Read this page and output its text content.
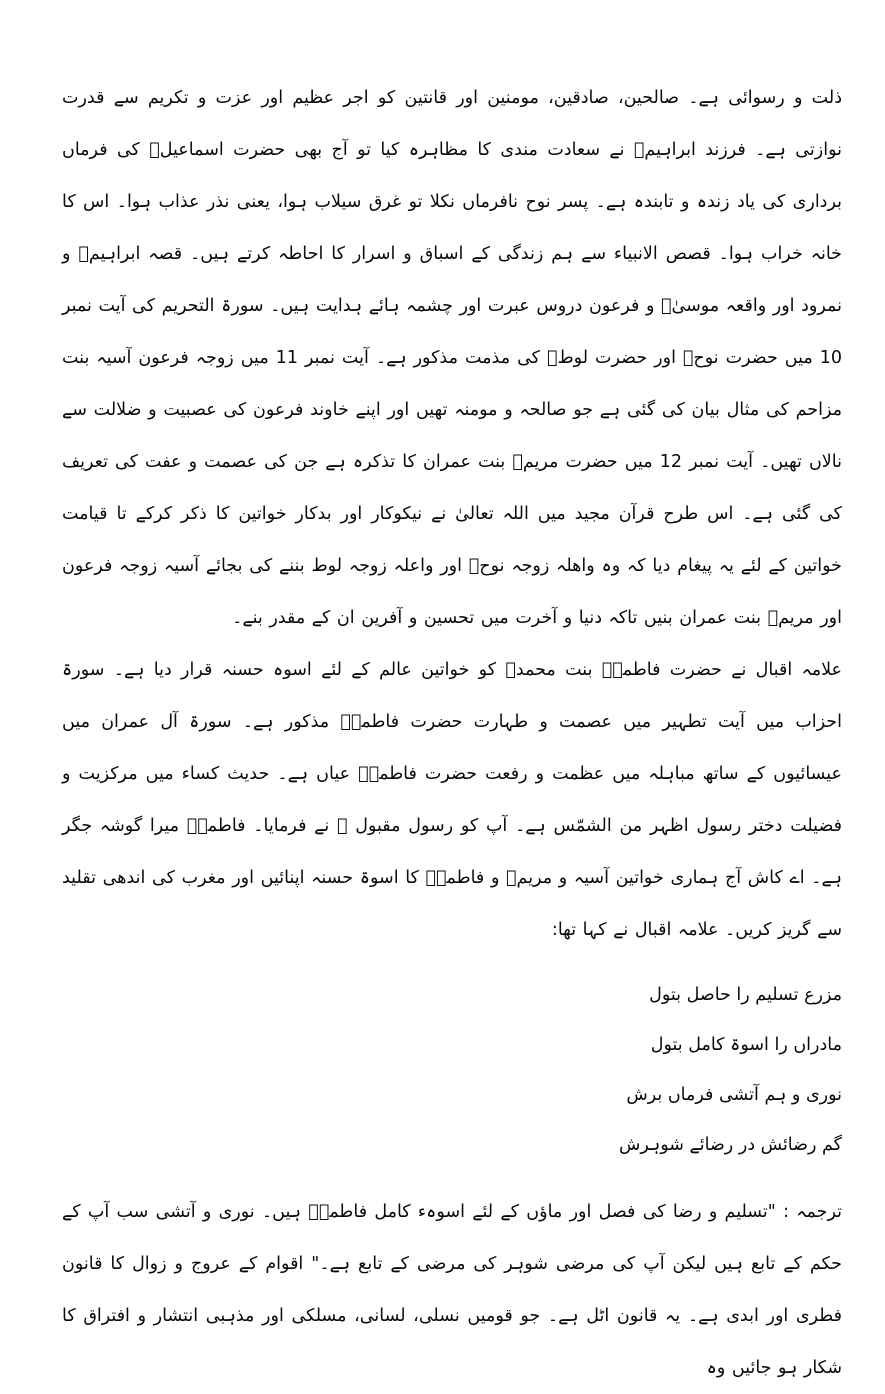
ذلت و رسوائی ہے۔ صالحین، صادقین، مومنین اور قانتین کو اجر عظیم اور عزت و تکریم سے قدرت نوازتی ہے۔ فرزند ابراہیمؑ نے سعادت مندی کا مظاہرہ کیا تو آج بھی حضرت اسماعیلؑ کی فرماں برداری کی یاد زندہ و تابندہ ہے۔ پسر نوح نافرماں نکلا تو غرق سیلاب ہوا، یعنی نذر عذاب ہوا۔ اس کا خانہ خراب ہوا۔ قصص الانبیاء سے ہم زندگی کے اسباق و اسرار کا احاطہ کرتے ہیں۔ قصہ ابراہیمؑ و نمرود اور واقعہ موسیٰؑ و فرعون دروس عبرت اور چشمہ ہائے ہدایت ہیں۔ سورۃ التحریم کی آیت نمبر 10 میں حضرت نوحؑ اور حضرت لوطؑ کی مذمت مذکور ہے۔ آیت نمبر 11 میں زوجہ فرعون آسیہ بنت مزاحم کی مثال بیان کی گئی ہے جو صالحہ و مومنہ تھیں اور اپنے خاوند فرعون کی عصبیت و ضلالت سے نالاں تھیں۔ آیت نمبر 12 میں حضرت مریمؑ بنت عمران کا تذکرہ ہے جن کی عصمت و عفت کی تعریف کی گئی ہے۔ اس طرح قرآن مجید میں اللہ تعالیٰ نے نیکوکار اور بدکار خواتین کا ذکر کرکے تا قیامت خواتین کے لئے یہ پیغام دیا کہ وہ واھلہ زوجہ نوحؑ اور واعلہ زوجہ لوط بننے کی بجائے آسیہ زوجہ فرعون اور مریمؑ بنت عمران بنیں تاکہ دنیا و آخرت میں تحسین و آفرین ان کے مقدر بنے۔

علامہ اقبال نے حضرت فاطمہؑ بنت محمدؐ کو خواتین عالم کے لئے اسوہ حسنہ قرار دیا ہے۔ سورۃ احزاب میں آیت تطہیر میں عصمت و طہارت حضرت فاطمہؑ مذکور ہے۔ سورۃ آل عمران میں عیسائیوں کے ساتھ مباہلہ میں عظمت و رفعت حضرت فاطمہؑ عیاں ہے۔ حدیث کساء میں مرکزیت و فضیلت دختر رسول اظہر من الشمّس ہے۔ آپ کو رسول مقبول ﷺ نے فرمایا۔ فاطمہؑ میرا گوشہ جگر ہے۔ اے کاش آج ہماری خواتین آسیہ و مریمؑ و فاطمہؑ کا اسوۃ حسنہ اپنائیں اور مغرب کی اندھی تقلید سے گریز کریں۔ علامہ اقبال نے کہا تھا:

مزرع تسلیم را حاصل بتول
مادراں را اسوۃ کامل بتول
نوری و ہم آتشی فرماں برش
گم رضائش در رضائے شوہرش

ترجمہ : "تسلیم و رضا کی فصل اور ماؤں کے لئے اسوہء کامل فاطمہؑ ہیں۔ نوری و آتشی سب آپ کے حکم کے تابع ہیں لیکن آپ کی مرضی شوہر کی مرضی کے تابع ہے۔" اقوام کے عروج و زوال کا قانون فطری اور ابدی ہے۔ یہ قانون اٹل ہے۔ جو قومیں نسلی، لسانی، مسلکی اور مذہبی انتشار و افتراق کا شکار ہو جائیں وہ
